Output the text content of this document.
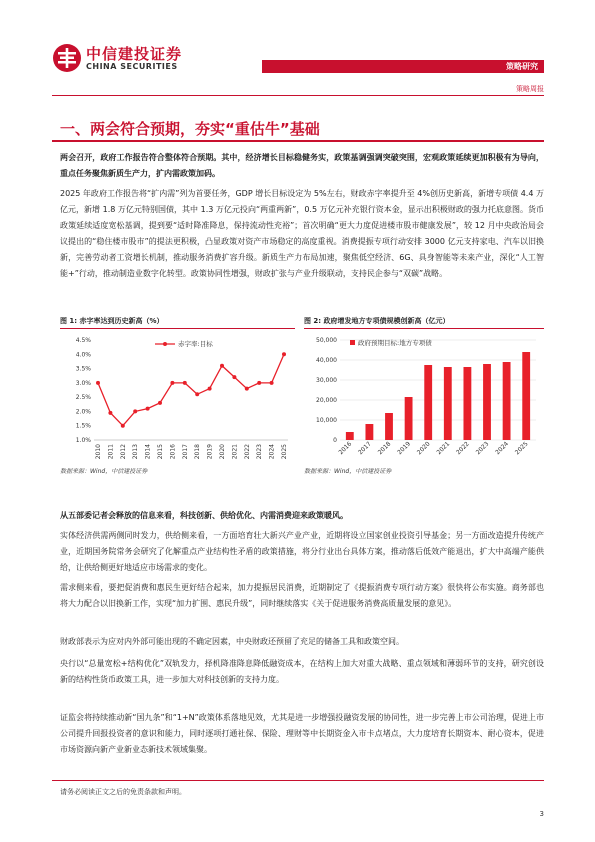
中信建投证券
CHINA SECURITIES	策略研究
策略周报
一、两会符合预期，夯实“重估牛”基础
两会召开，政府工作报告符合整体符合预期。其中，经济增长目标稳健务实，政策基调强调突破突围，宏观政策延续更加积极有为导向，重点任务聚焦新质生产力，扩内需政策加码。
2025 年政府工作报告将“扩内需”列为首要任务，GDP 增长目标设定为 5%左右，财政赤字率提升至 4%创历史新高，新增专项债 4.4 万亿元，新增 1.8 万亿元特别国债，其中 1.3 万亿元投向“两重两新”，0.5 万亿元补充银行资本金，显示出积极财政的强力托底意图。货币政策延续适度宽松基调，提到要“适时降准降息，保持流动性充裕”；首次明确“更大力度促进楼市股市健康发展”，较 12 月中央政治局会议提出的“稳住楼市股市”的提法更积极，凸显政策对资产市场稳定的高度重视。消费提振专项行动安排 3000 亿元支持家电、汽车以旧换新，完善劳动者工资增长机制，推动服务消费扩容升级。新质生产力布局加速，聚焦低空经济、6G、具身智能等未来产业，深化“人工智能+”行动，推动制造业数字化转型。政策协同性增强，财政扩张与产业升级联动，支持民企参与“双碳”战略。
图 1: 赤字率达到历史新高（%）
1.0%
1.5%
2.0%
2.5%
3.0%
3.5%
4.0%
4.5%
2010 2011 2012 2013 2014 2015 2016 2017 2018 2019 2020 2021 2022 2023 2024 2025
赤字率:目标
数据来源：Wind，中信建投证券
图 2: 政府增发地方专项债规模创新高（亿元）
0
10,000
20,000
30,000
40,000
50,000
2016 2017 2018 2019 2020 2021 2022 2023 2024 2025
政府预期目标:地方专项债
数据来源：Wind，中信建投证券
从五部委记者会释放的信息来看，科技创新、供给优化、内需消费迎来政策暖风。
实体经济供需两侧同时发力，供给侧来看，一方面培育壮大新兴产业产业，近期将设立国家创业投资引导基金；另一方面改造提升传统产业，近期国务院常务会研究了化解重点产业结构性矛盾的政策措施，将分行业出台具体方案，推动落后低效产能退出，扩大中高端产能供给，让供给侧更好地适应市场需求的变化。
需求侧来看，要把促消费和惠民生更好结合起来，加力提振居民消费，近期制定了《提振消费专项行动方案》很快将公布实施。商务部也将大力配合以旧换新工作，实现“加力扩围、惠民升级”，同时继续落实《关于促进服务消费高质量发展的意见》。
财政部表示为应对内外部可能出现的不确定因素，中央财政还预留了充足的储备工具和政策空间。
央行以“总量宽松+结构优化”双轨发力，择机降准降息降低融资成本，在结构上加大对重大战略、重点领域和薄弱环节的支持，研究创设新的结构性货币政策工具，进一步加大对科技创新的支持力度。
证监会将持续推动新“国九条”和“1+N”政策体系落地见效，尤其是进一步增强投融资发展的协同性，进一步完善上市公司治理，促进上市公司提升回报投资者的意识和能力，同时逐项打通社保、保险、理财等中长期资金入市卡点堵点，大力度培育长期资本、耐心资本，促进市场资源向新产业新业态新技术领域集聚。
请务必阅读正文之后的免责条款和声明。
3
